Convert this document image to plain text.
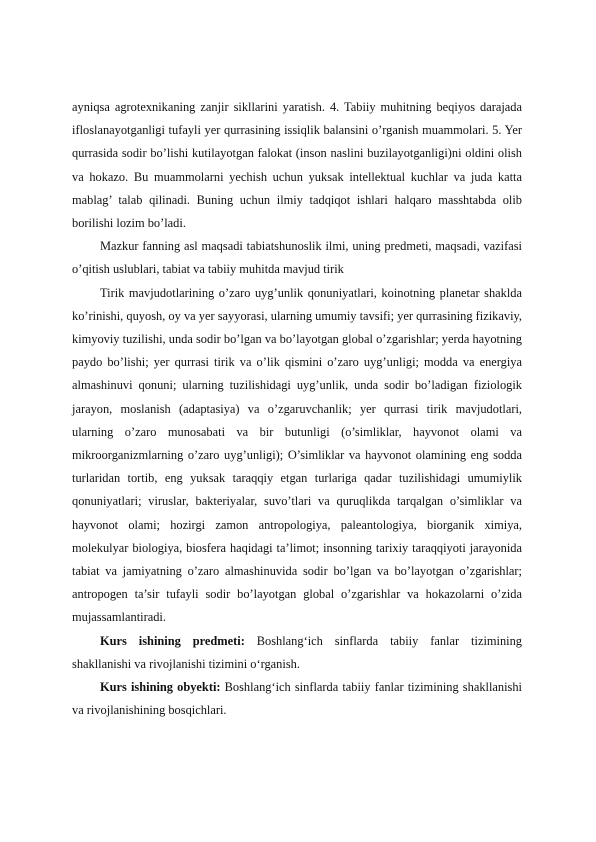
ayniqsa agrotexnikaning zanjir sikllarini yaratish. 4. Tabiiy muhitning beqiyos darajada ifloslanayotganligi tufayli yer qurrasining issiqlik balansini o’rganish muammolari. 5. Yer qurrasida sodir bo’lishi kutilayotgan falokat (inson naslini buzilayotganligi)ni oldini olish va hokazo. Bu muammolarni yechish uchun yuksak intellektual kuchlar va juda katta mablag’ talab qilinadi. Buning uchun ilmiy tadqiqot ishlari halqaro masshtabda olib borilishi lozim bo’ladi.

Mazkur fanning asl maqsadi tabiatshunoslik ilmi, uning predmeti, maqsadi, vazifasi o’qitish uslublari, tabiat va tabiiy muhitda mavjud tirik

Tirik mavjudotlarining o’zaro uyg’unlik qonuniyatlari, koinotning planetar shaklda ko’rinishi, quyosh, oy va yer sayyorasi, ularning umumiy tavsifi; yer qurrasining fizikaviy, kimyoviy tuzilishi, unda sodir bo’lgan va bo’layotgan global o’zgarishlar; yerda hayotning paydo bo’lishi; yer qurrasi tirik va o’lik qismini o’zaro uyg’unligi; modda va energiya almashinuvi qonuni; ularning tuzilishidagi uyg’unlik, unda sodir bo’ladigan fiziologik jarayon, moslanish (adaptasiya) va o’zgaruvchanlik; yer qurrasi tirik mavjudotlari, ularning o’zaro munosabati va bir butunligi (o’simliklar, hayvonot olami va mikroorganizmlarning o’zaro uyg’unligi); O’simliklar va hayvonot olamining eng sodda turlaridan tortib, eng yuksak taraqqiy etgan turlariga qadar tuzilishidagi umumiylik qonuniyatlari; viruslar, bakteriyalar, suvo’tlari va quruqlikda tarqalgan o’simliklar va hayvonot olami; hozirgi zamon antropologiya, paleantologiya, biorganik ximiya, molekulyar biologiya, biosfera haqidagi ta’limot; insonning tarixiy taraqqiyoti jarayonida tabiat va jamiyatning o’zaro almashinuvida sodir bo’lgan va bo’layotgan o’zgarishlar; antropogen ta’sir tufayli sodir bo’layotgan global o’zgarishlar va hokazolarni o’zida mujassamlantiradi.

Kurs ishining predmeti: Boshlang‘ich sinflarda tabiiy fanlar tizimining shakllanishi va rivojlanishi tizimini o‘rganish.

Kurs ishining obyekti: Boshlang‘ich sinflarda tabiiy fanlar tizimining shakllanishi va rivojlanishining bosqichlari.
